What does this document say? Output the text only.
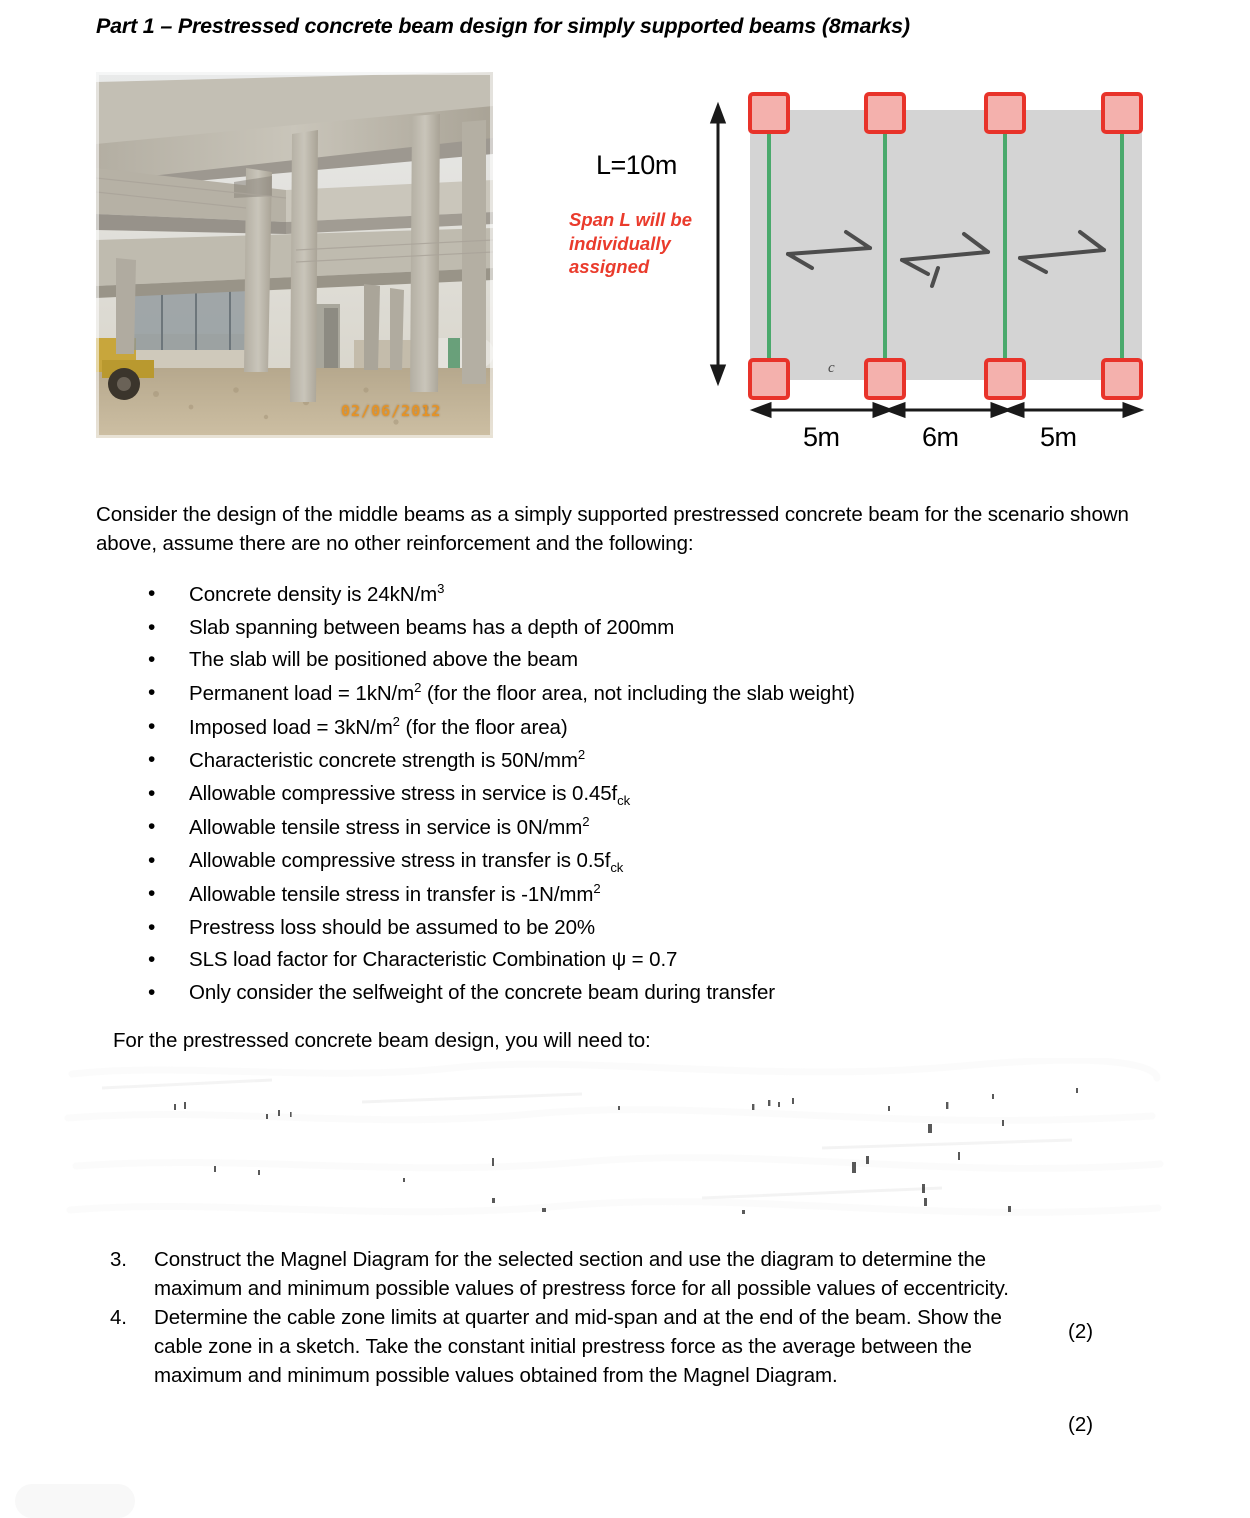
Part 1 – Prestressed concrete beam design for simply supported beams (8marks)
02/06/2012
c
L=10m
Span L will be individually assigned
5m	6m	5m
Consider the design of the middle beams as a simply supported prestressed concrete beam for the scenario shown above, assume there are no other reinforcement and the following:
• Concrete density is $24kN/m^3$
• Slab spanning between beams has a depth of 200mm
• The slab will be positioned above the beam
• Permanent load = $1kN/m^2$ (for the floor area, not including the slab weight)
• Imposed load = $3kN/m^2$ (for the floor area)
• Characteristic concrete strength is $50N/mm^2$
• Allowable compressive stress in service is $0.45f_{ck}$
• Allowable tensile stress in service is $0N/mm^2$
• Allowable compressive stress in transfer is $0.5f_{ck}$
• Allowable tensile stress in transfer is $-1N/mm^2$
• Prestress loss should be assumed to be 20%
• SLS load factor for Characteristic Combination ψ = 0.7
• Only consider the selfweight of the concrete beam during transfer
For the prestressed concrete beam design, you will need to:
3.	Construct the Magnel Diagram for the selected section and use the diagram to determine the maximum and minimum possible values of prestress force for all possible values of eccentricity.
4.	Determine the cable zone limits at quarter and mid-span and at the end of the beam. Show the cable zone in a sketch. Take the constant initial prestress force as the average between the maximum and minimum possible values obtained from the Magnel Diagram.
(2)
(2)
